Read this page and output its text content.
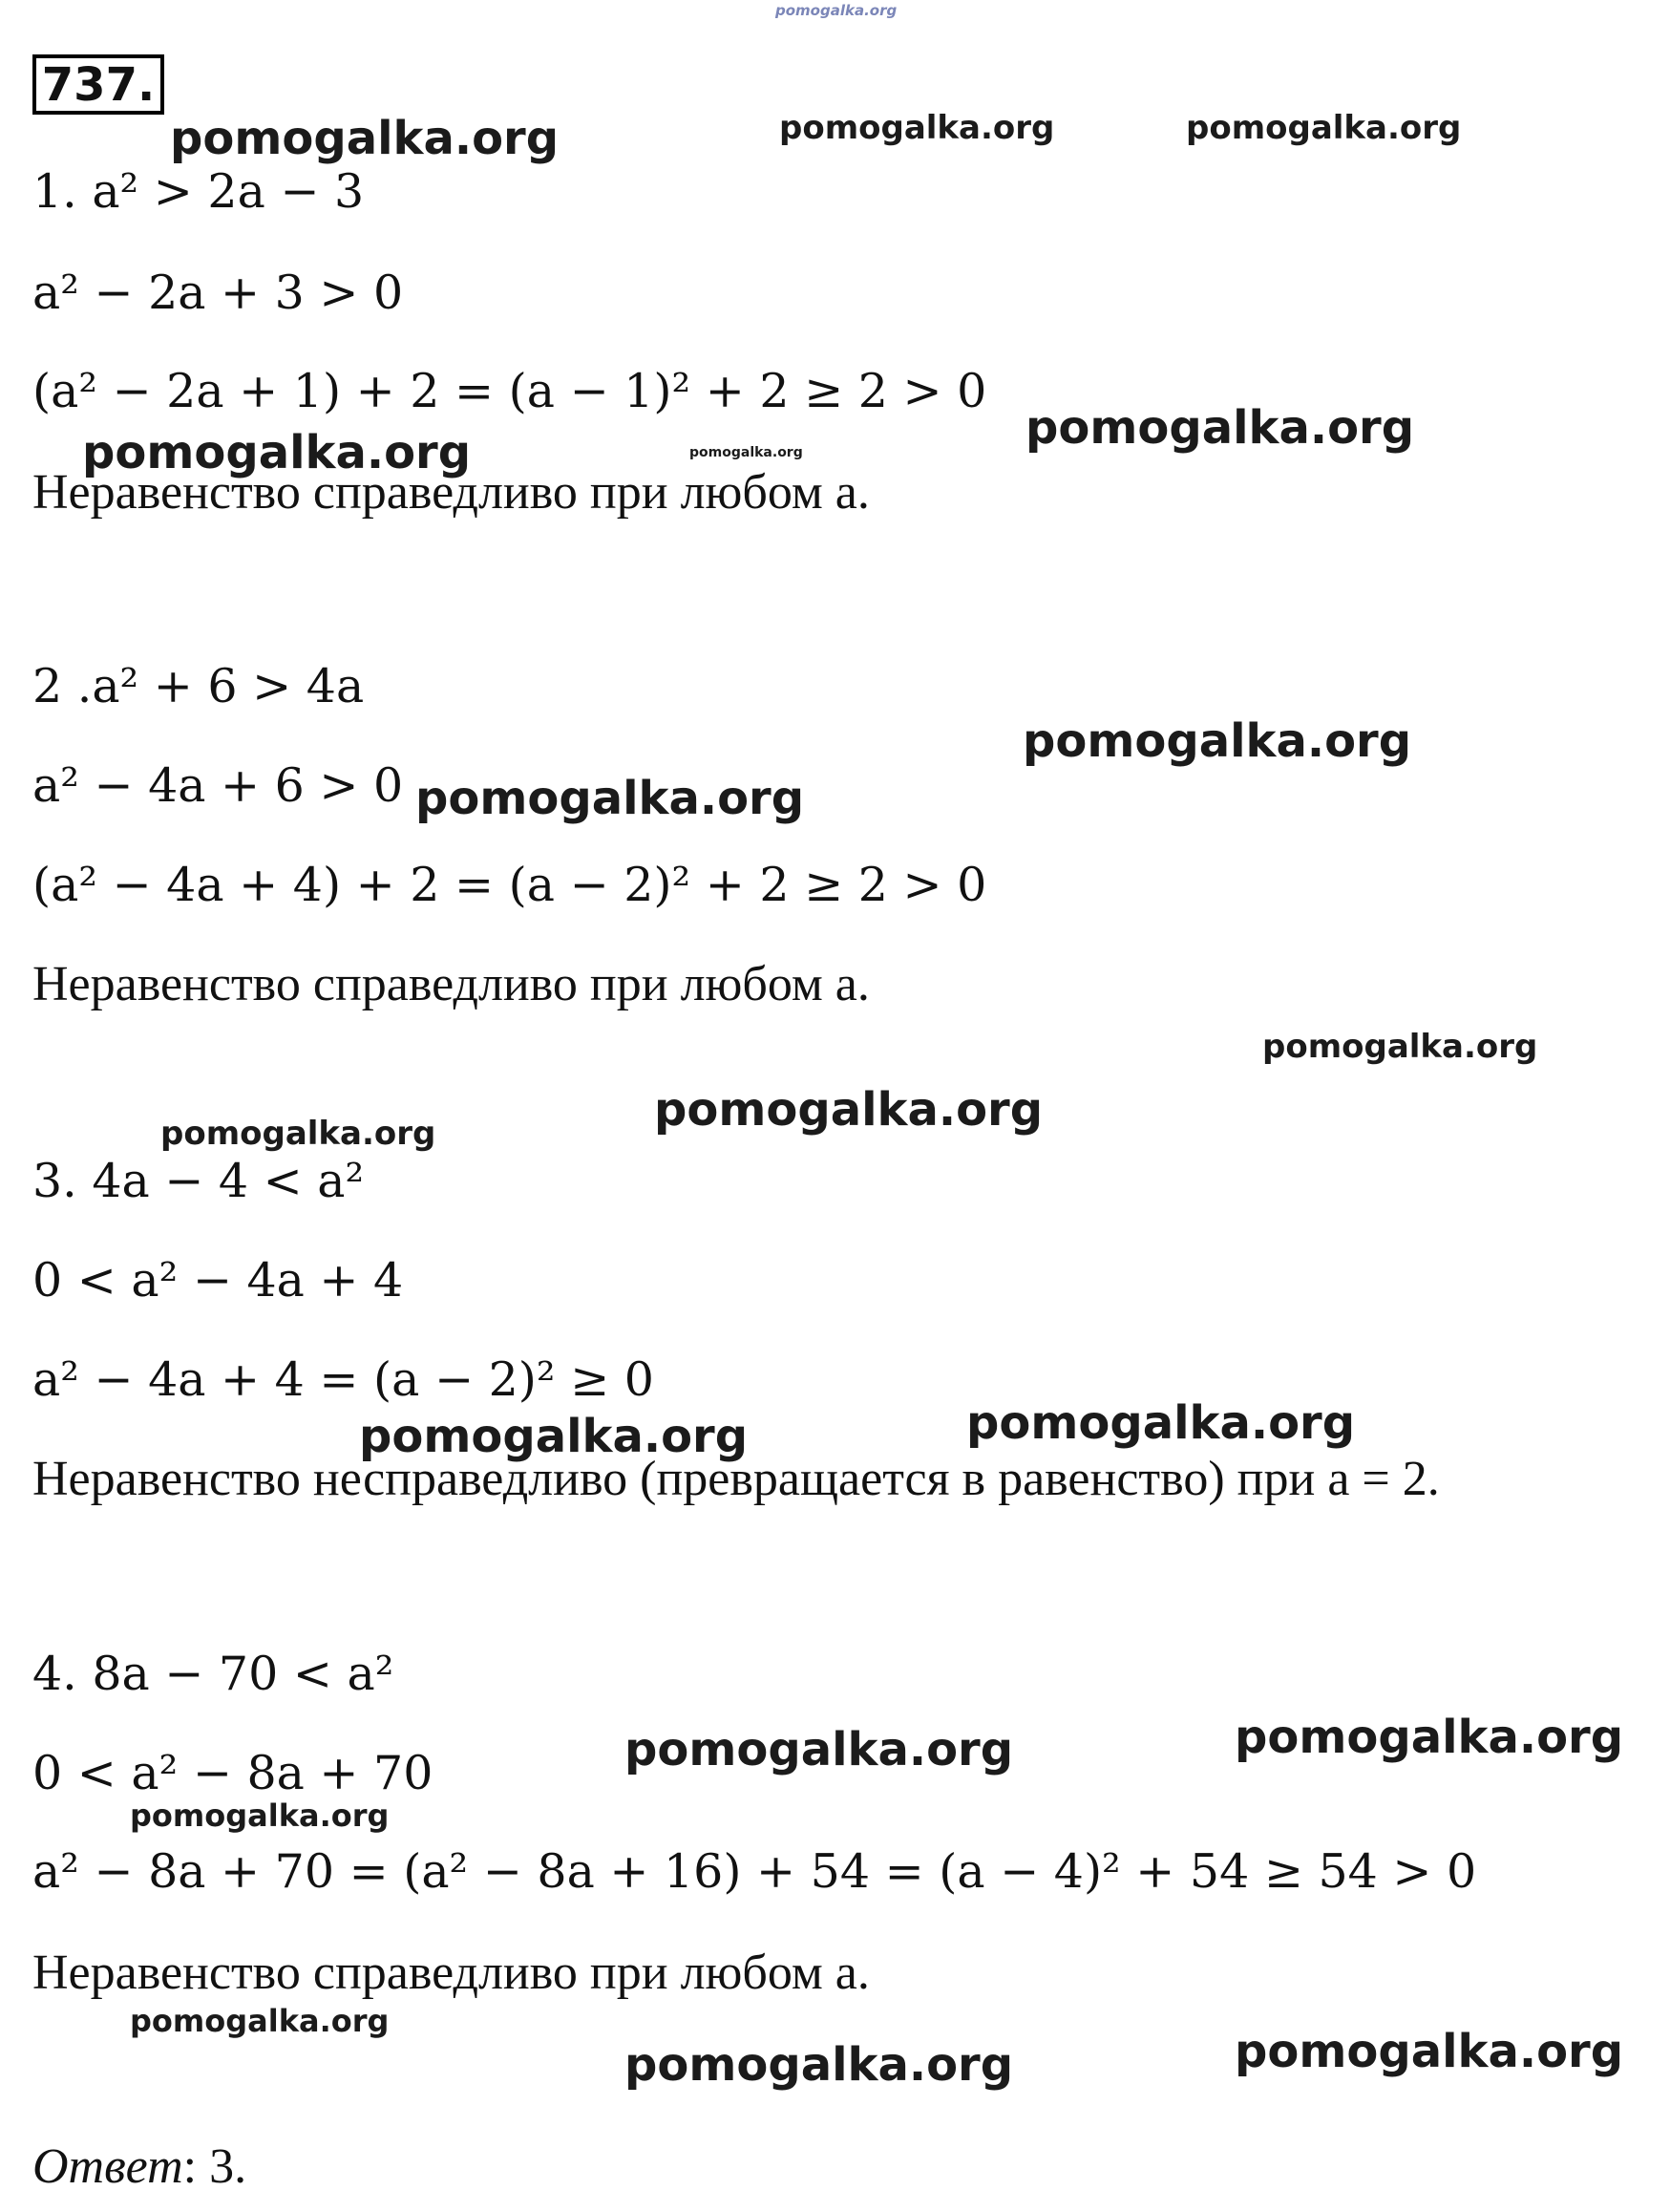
pomogalka.org
pomogalka.org	pomogalka.org	pomogalka.org
pomogalka.org
pomogalka.org	pomogalka.org
pomogalka.org
pomogalka.org
pomogalka.org
pomogalka.org
pomogalka.org
pomogalka.org
pomogalka.org
pomogalka.org
pomogalka.org
pomogalka.org
pomogalka.org
pomogalka.org
pomogalka.org
737.
1. a² > 2a − 3
a² − 2a + 3 > 0
(a² − 2a + 1) + 2 = (a − 1)² + 2 ≥ 2 > 0
Неравенство справедливо при любом a.
2 .a² + 6 > 4a
a² − 4a + 6 > 0
(a² − 4a + 4) + 2 = (a − 2)² + 2 ≥ 2 > 0
Неравенство справедливо при любом a.
3. 4a − 4 < a²
0 < a² − 4a + 4
a² − 4a + 4 = (a − 2)² ≥ 0
Неравенство несправедливо (превращается в равенство) при a = 2.
4. 8a − 70 < a²
0 < a² − 8a + 70
a² − 8a + 70 = (a² − 8a + 16) + 54 = (a − 4)² + 54 ≥ 54 > 0
Неравенство справедливо при любом a.
Ответ: 3.
